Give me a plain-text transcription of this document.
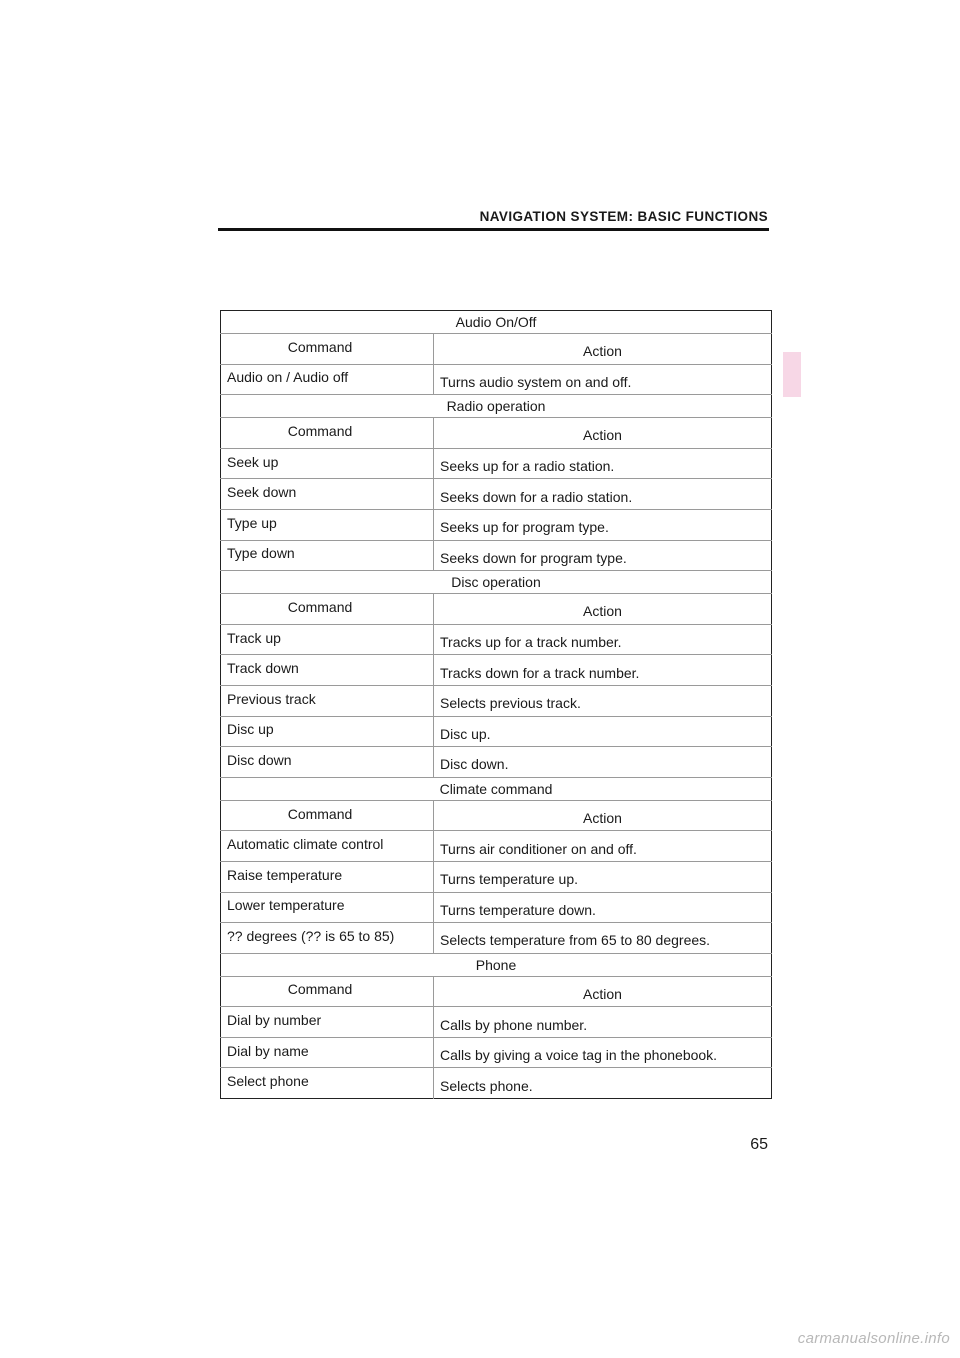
NAVIGATION SYSTEM: BASIC FUNCTIONS
Audio On/Off	
Command	Action
Audio on / Audio off	Turns audio system on and off.
Radio operation	
Command	Action
Seek up	Seeks up for a radio station.
Seek down	Seeks down for a radio station.
Type up	Seeks up for program type.
Type down	Seeks down for program type.
Disc operation	
Command	Action
Track up	Tracks up for a track number.
Track down	Tracks down for a track number.
Previous track	Selects previous track.
Disc up	Disc up.
Disc down	Disc down.
Climate command	
Command	Action
Automatic climate control	Turns air conditioner on and off.
Raise temperature	Turns temperature up.
Lower temperature	Turns temperature down.
?? degrees (?? is 65 to 85)	Selects temperature from 65 to 80 degrees.
Phone	
Command	Action
Dial by number	Calls by phone number.
Dial by name	Calls by giving a voice tag in the phonebook.
Select phone	Selects phone.
65
carmanualsonline.info
